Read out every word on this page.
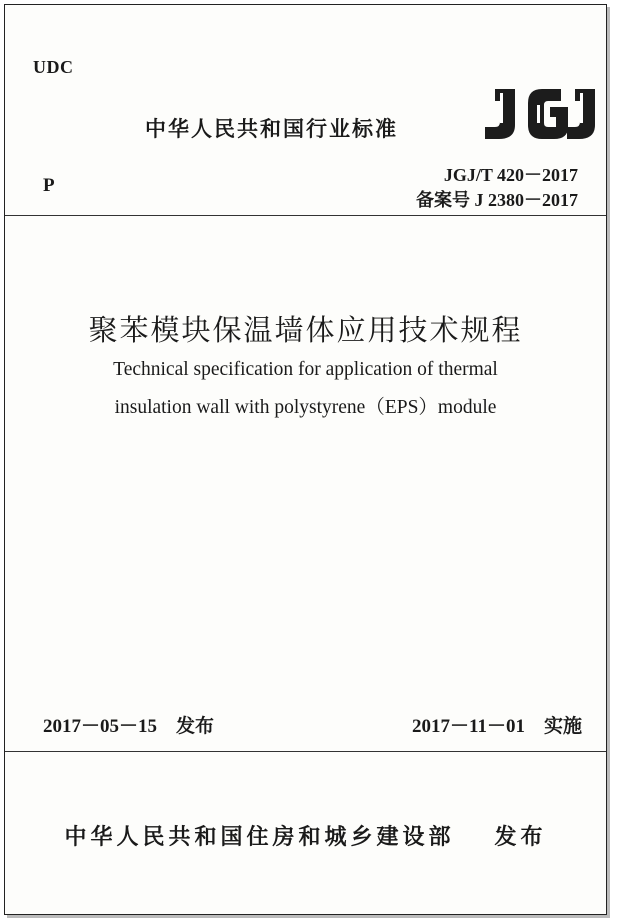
UDC
中华人民共和国行业标准
JGJ/T 420－2017
P
备案号 J 2380－2017
聚苯模块保温墙体应用技术规程
Technical specification for application of thermal
insulation wall with polystyrene（EPS）module
2017－05－15　发布	2017－11－01　实施
中华人民共和国住房和城乡建设部 发布
